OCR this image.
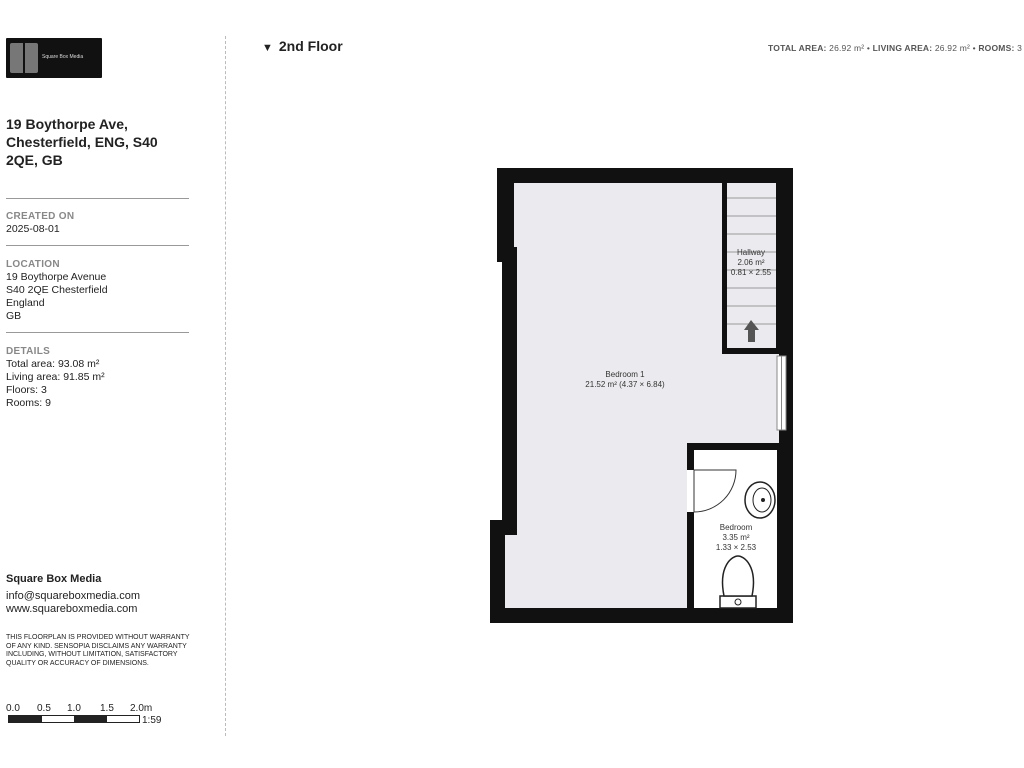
Square Box Media
19 Boythorpe Ave, Chesterfield, ENG, S40 2QE, GB
CREATED ON
2025-08-01
LOCATION
19 Boythorpe Avenue
S40 2QE Chesterfield
England
GB
DETAILS
Total area: 93.08 m²
Living area: 91.85 m²
Floors: 3
Rooms: 9
Square Box Media
info@squareboxmedia.com
www.squareboxmedia.com
THIS FLOORPLAN IS PROVIDED WITHOUT WARRANTY OF ANY KIND. SENSOPIA DISCLAIMS ANY WARRANTY INCLUDING, WITHOUT LIMITATION, SATISFACTORY QUALITY OR ACCURACY OF DIMENSIONS.
0.0 0.5 1.0 1.5 2.0m
1:59
▼ 2nd Floor	TOTAL AREA: 26.92 m² • LIVING AREA: 26.92 m² • ROOMS: 3
Hallway
2.06 m²
0.81 × 2.55
Bedroom 1
21.52 m² (4.37 × 6.84)
Bedroom
3.35 m²
1.33 × 2.53
